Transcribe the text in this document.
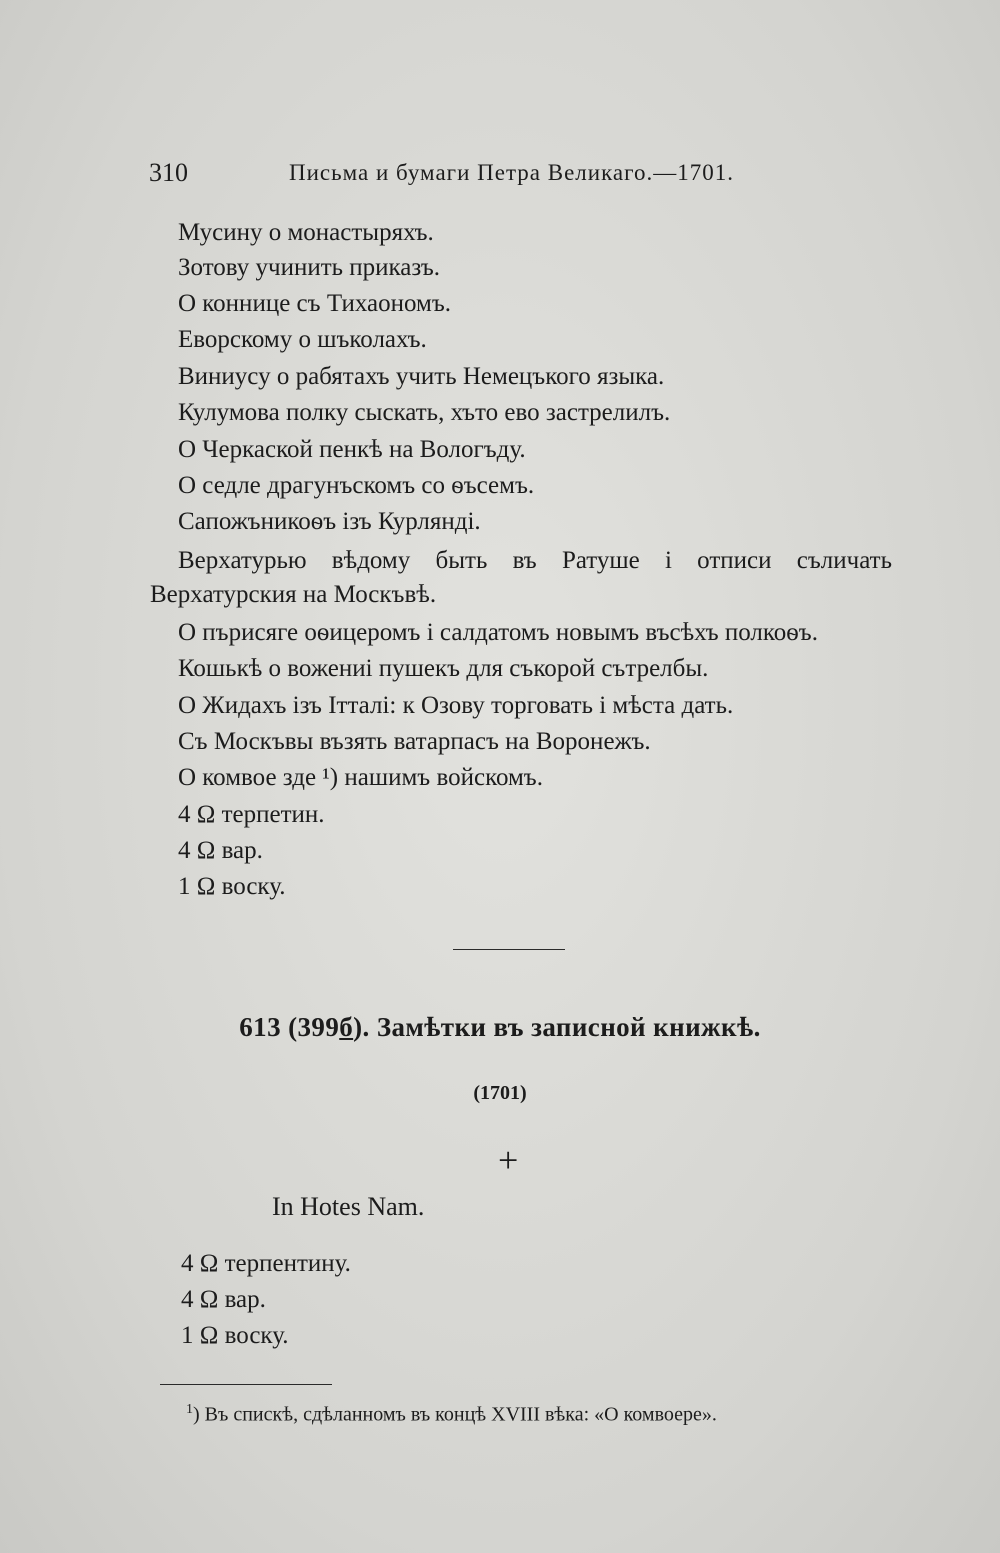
310	Письма и бумаги Петра Великаго.—1701.
Мусину о монастыряхъ.
Зотову учинить приказъ.
О коннице съ Тихаономъ.
Еворскому о шъколахъ.
Виниусу о рабятахъ учить Немецъкого языка.
Кулумова полку сыскать, хъто ево застрелилъ.
О Черкаской пенкѣ на Вологъду.
О седле драгунъскомъ со ѳъсемъ.
Сапожъникоѳъ iзъ Курляндi.
Верхатурью вѣдому быть въ Ратуше i отписи съличать
Верхатурския на Москъвѣ.
О пърисяге оѳицеромъ i салдатомъ новымъ въсѣхъ полкоѳъ.
Кошькѣ о вожениi пушекъ для съкорой сътрелбы.
О Жидахъ iзъ Iтталi: к Озову торговать i мѣста дать.
Съ Москъвы възять ватарпасъ на Воронежъ.
О комвое зде ¹) нашимъ войскомъ.
4 Ω терпетин.
4 Ω вар.
1 Ω воску.
613 (399б). Замѣтки въ записной книжкѣ.
(1701)
+
In Hotes Nam.
4 Ω терпентину.
4 Ω вар.
1 Ω воску.
$^1$) Въ спискѣ, сдѣланномъ въ концѣ XVIII вѣка: «О комвоере».
